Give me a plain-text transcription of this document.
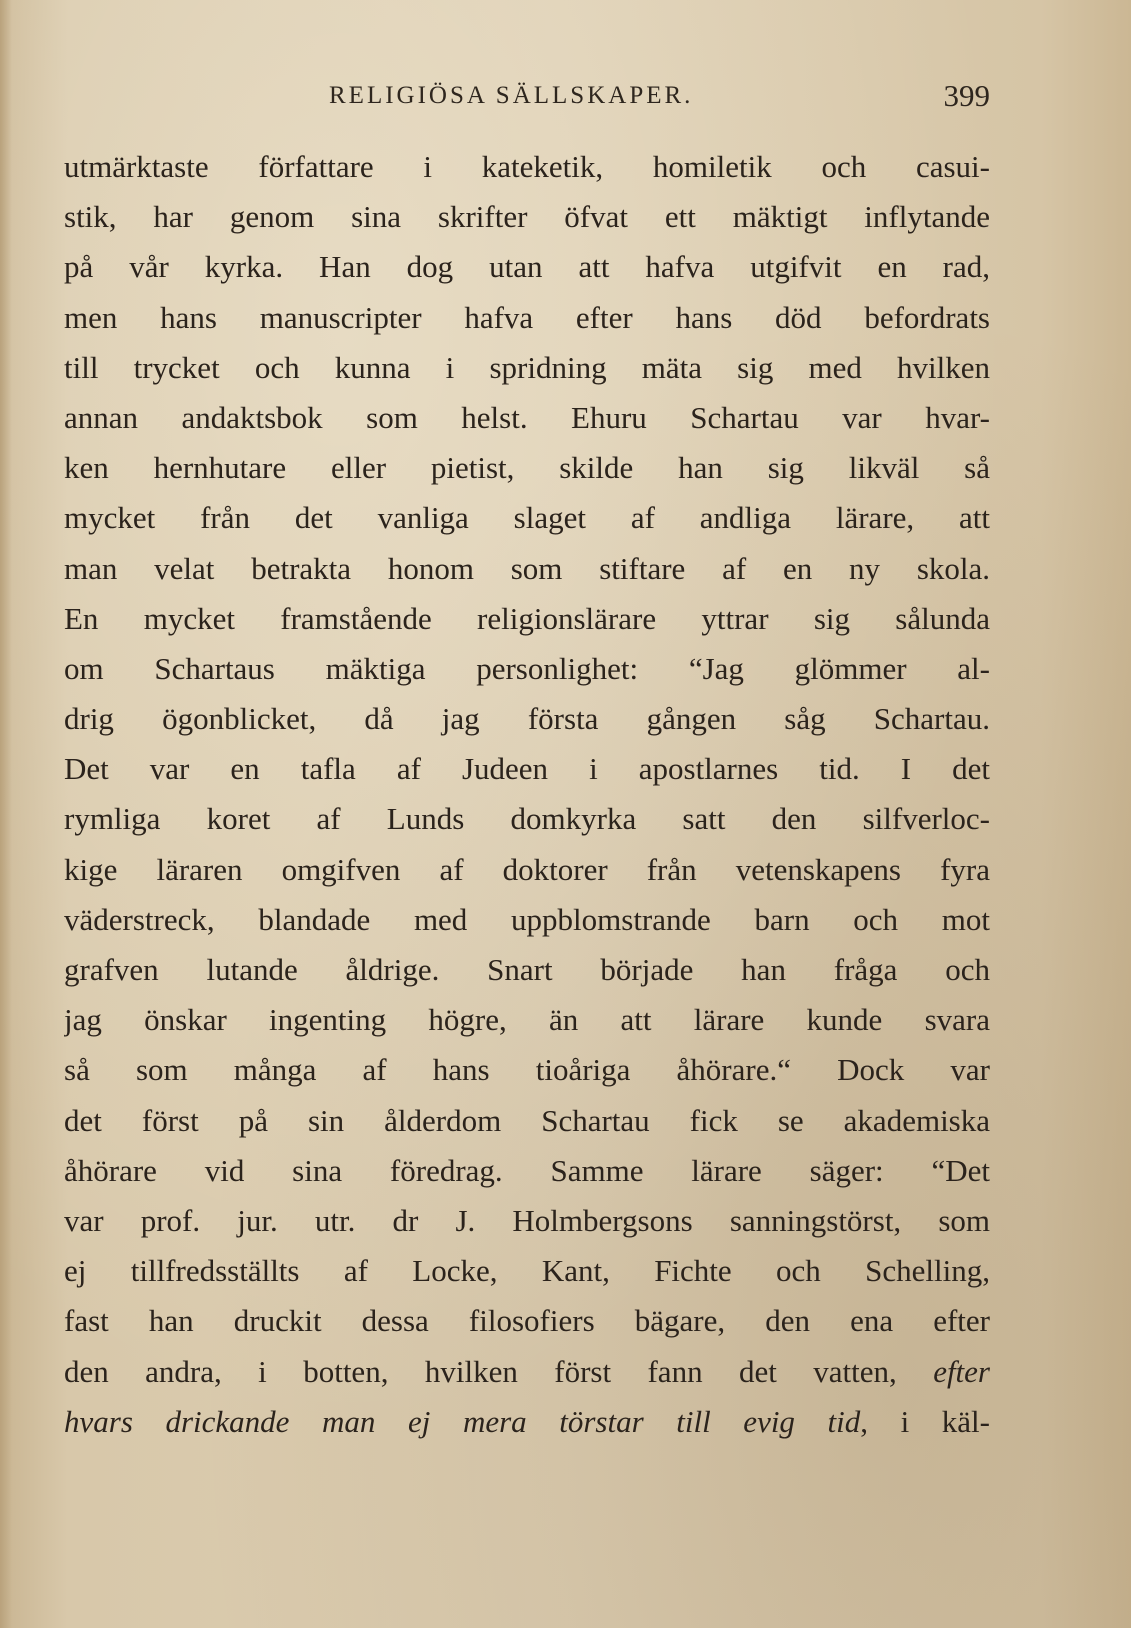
RELIGIÖSA SÄLLSKAPER.	399
utmärktaste författare i kateketik, homiletik och casui-
stik, har genom sina skrifter öfvat ett mäktigt inflytande
på vår kyrka. Han dog utan att hafva utgifvit en rad,
men hans manuscripter hafva efter hans död befordrats
till trycket och kunna i spridning mäta sig med hvilken
annan andaktsbok som helst. Ehuru Schartau var hvar-
ken hernhutare eller pietist, skilde han sig likväl så
mycket från det vanliga slaget af andliga lärare, att
man velat betrakta honom som stiftare af en ny skola.
En mycket framstående religionslärare yttrar sig sålunda
om Schartaus mäktiga personlighet: “Jag glömmer al-
drig ögonblicket, då jag första gången såg Schartau.
Det var en tafla af Judeen i apostlarnes tid. I det
rymliga koret af Lunds domkyrka satt den silfverloc-
kige läraren omgifven af doktorer från vetenskapens fyra
väderstreck, blandade med uppblomstrande barn och mot
grafven lutande åldrige. Snart började han fråga och
jag önskar ingenting högre, än att lärare kunde svara
så som många af hans tioåriga åhörare.“ Dock var
det först på sin ålderdom Schartau fick se akademiska
åhörare vid sina föredrag. Samme lärare säger: “Det
var prof. jur. utr. dr J. Holmbergsons sanningstörst, som
ej tillfredsställts af Locke, Kant, Fichte och Schelling,
fast han druckit dessa filosofiers bägare, den ena efter
den andra, i botten, hvilken först fann det vatten, efter
hvars drickande man ej mera törstar till evig tid, i käl-
